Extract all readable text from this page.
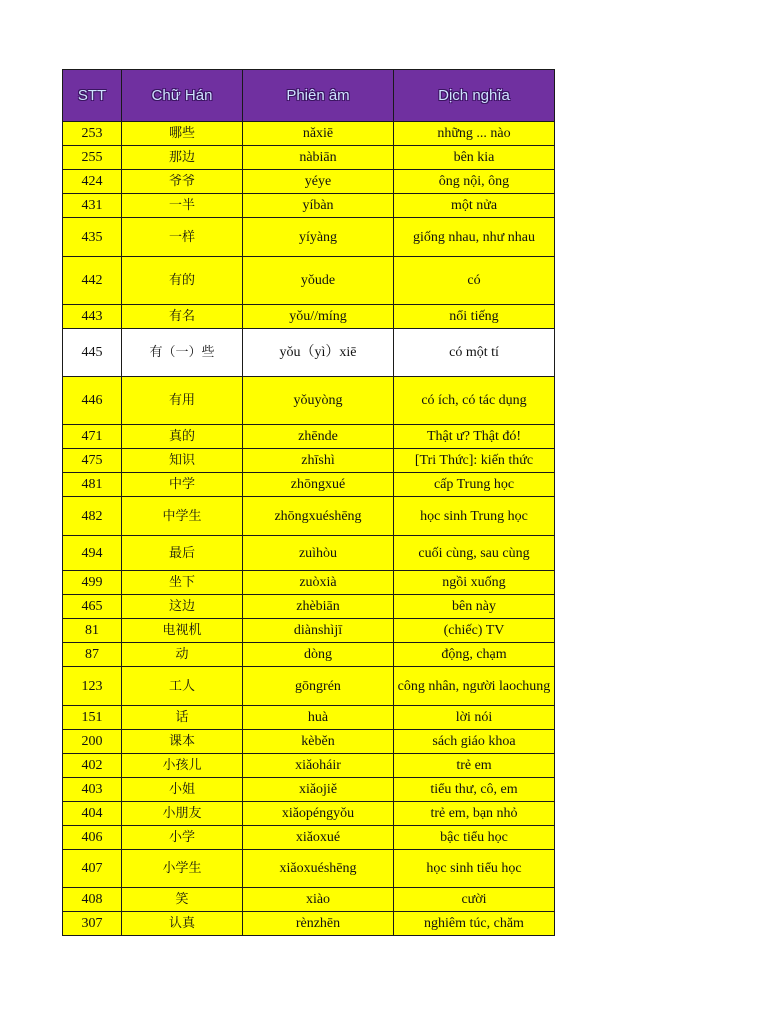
STT	Chữ Hán	Phiên âm	Dịch nghĩa
253	哪些	nǎxiē	những ... nào
255	那边	nàbiān	bên kia
424	爷爷	yéye	ông nội, ông
431	一半	yíbàn	một nửa
435	一样	yíyàng	giống nhau, như nhau
442	有的	yǒude	có
443	有名	yǒu//míng	nổi tiếng
445	有（一）些	yǒu（yì）xiē	có một tí
446	有用	yǒuyòng	có ích, có tác dụng
471	真的	zhēnde	Thật ư? Thật đó!
475	知识	zhīshì	[Tri Thức]: kiến thức
481	中学	zhōngxué	cấp Trung học
482	中学生	zhōngxuéshēng	học sinh Trung học
494	最后	zuìhòu	cuối cùng, sau cùng
499	坐下	zuòxià	ngồi xuống
465	这边	zhèbiān	bên này
81	电视机	diànshìjī	(chiếc) TV
87	动	dòng	động, chạm
123	工人	gōngrén	công nhân, người laochung
151	话	huà	lời nói
200	课本	kèběn	sách giáo khoa
402	小孩儿	xiǎoháir	trẻ em
403	小姐	xiǎojiě	tiểu thư, cô, em
404	小朋友	xiǎopéngyǒu	trẻ em, bạn nhỏ
406	小学	xiǎoxué	bậc tiểu học
407	小学生	xiǎoxuéshēng	học sinh tiểu học
408	笑	xiào	cười
307	认真	rènzhēn	nghiêm túc, chăm
